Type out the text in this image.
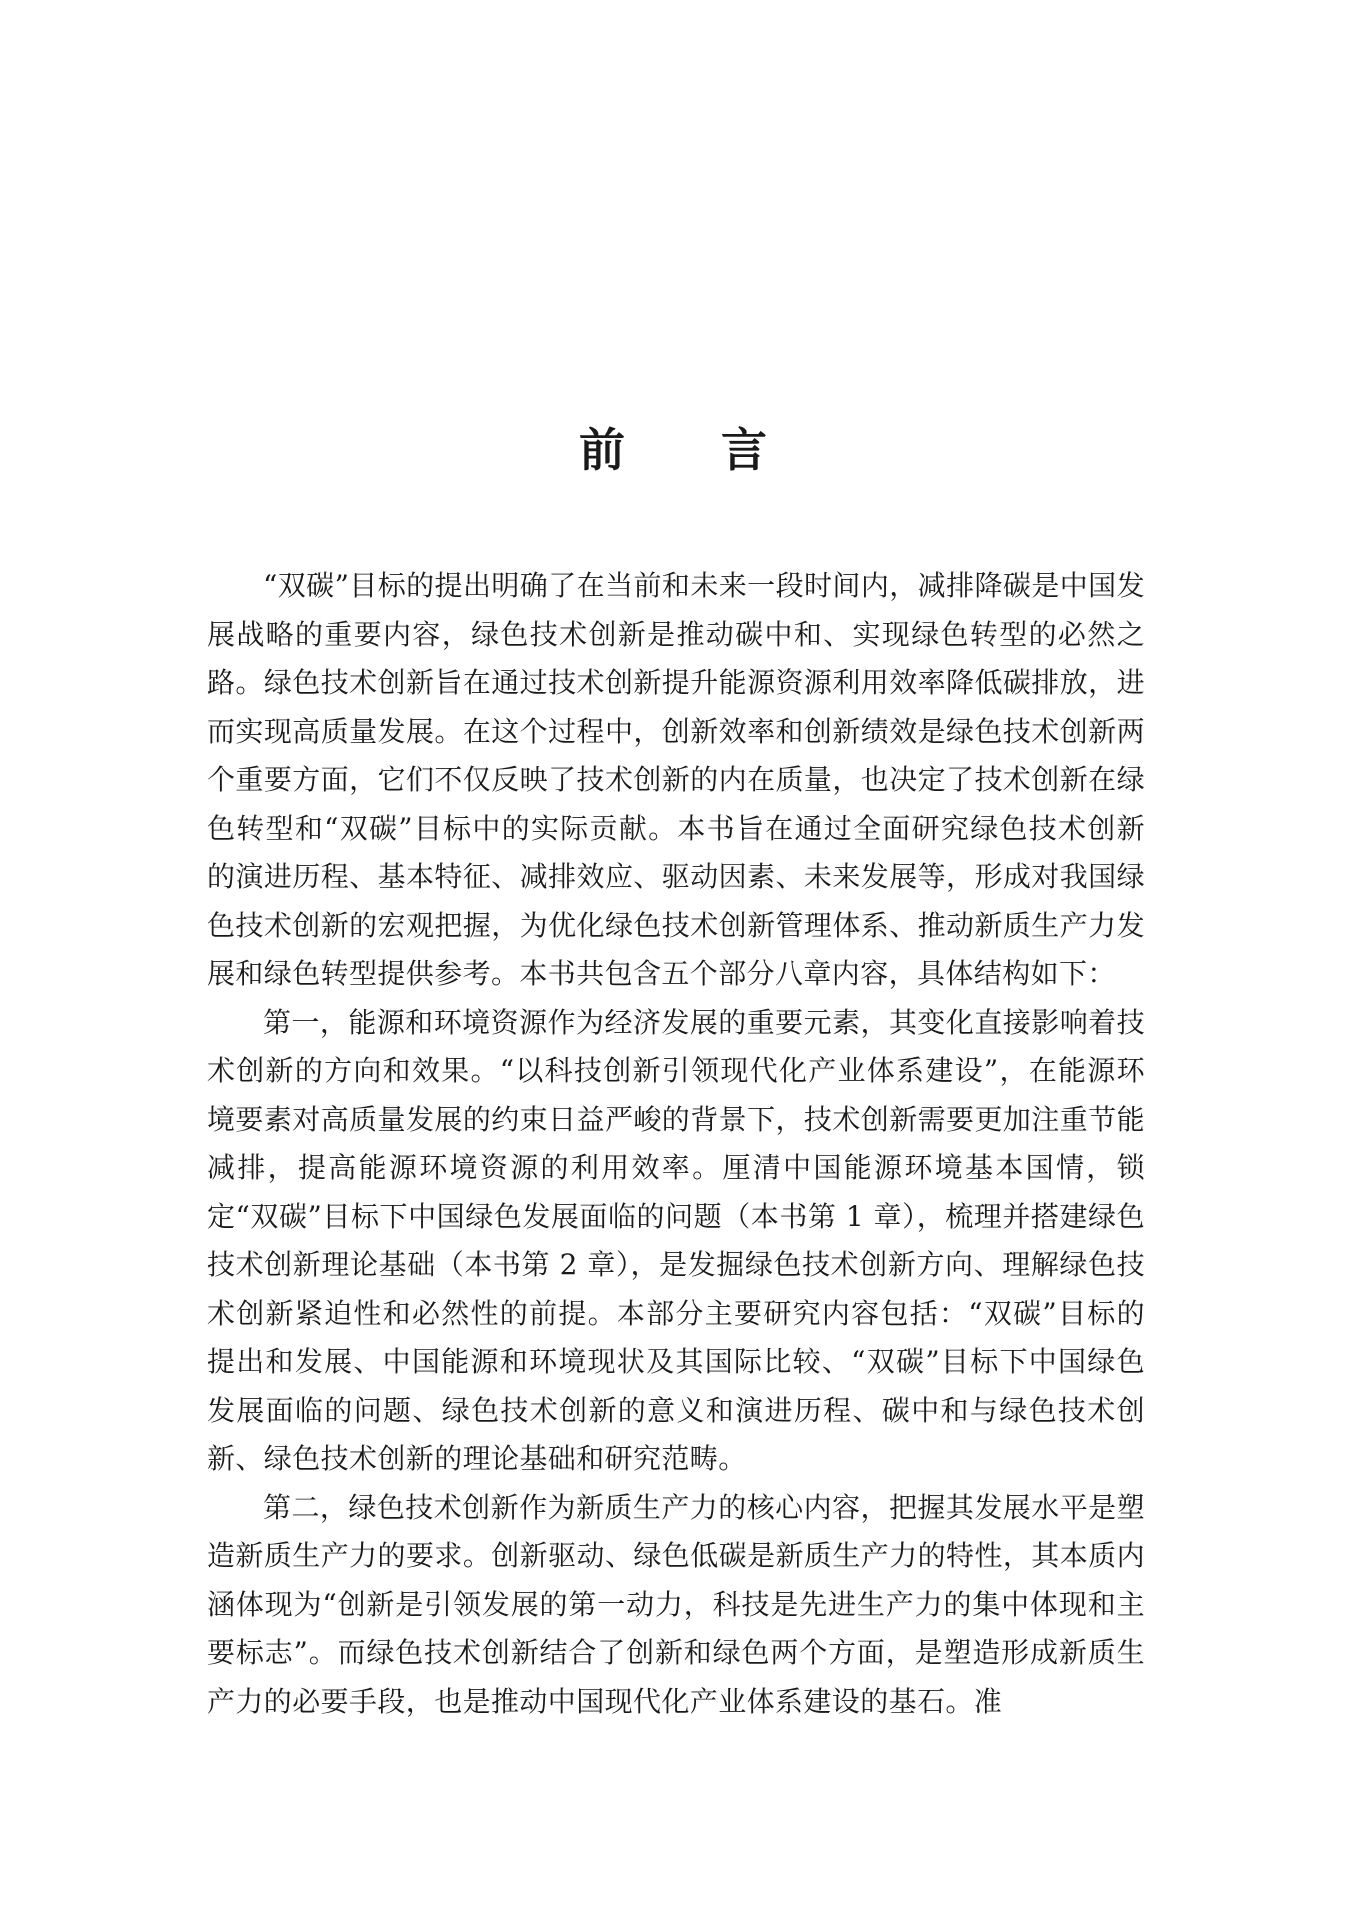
前 言

“双碳”目标的提出明确了在当前和未来一段时间内，减排降碳是中国发展战略的重要内容，绿色技术创新是推动碳中和、实现绿色转型的必然之路。绿色技术创新旨在通过技术创新提升能源资源利用效率降低碳排放，进而实现高质量发展。在这个过程中，创新效率和创新绩效是绿色技术创新两个重要方面，它们不仅反映了技术创新的内在质量，也决定了技术创新在绿色转型和“双碳”目标中的实际贡献。本书旨在通过全面研究绿色技术创新的演进历程、基本特征、减排效应、驱动因素、未来发展等，形成对我国绿色技术创新的宏观把握，为优化绿色技术创新管理体系、推动新质生产力发展和绿色转型提供参考。本书共包含五个部分八章内容，具体结构如下：

第一，能源和环境资源作为经济发展的重要元素，其变化直接影响着技术创新的方向和效果。“以科技创新引领现代化产业体系建设”，在能源环境要素对高质量发展的约束日益严峻的背景下，技术创新需要更加注重节能减排，提高能源环境资源的利用效率。厘清中国能源环境基本国情，锁定“双碳”目标下中国绿色发展面临的问题（本书第 1 章），梳理并搭建绿色技术创新理论基础（本书第 2 章），是发掘绿色技术创新方向、理解绿色技术创新紧迫性和必然性的前提。本部分主要研究内容包括：“双碳”目标的提出和发展、中国能源和环境现状及其国际比较、“双碳”目标下中国绿色发展面临的问题、绿色技术创新的意义和演进历程、碳中和与绿色技术创新、绿色技术创新的理论基础和研究范畴。

第二，绿色技术创新作为新质生产力的核心内容，把握其发展水平是塑造新质生产力的要求。创新驱动、绿色低碳是新质生产力的特性，其本质内涵体现为“创新是引领发展的第一动力，科技是先进生产力的集中体现和主要标志”。而绿色技术创新结合了创新和绿色两个方面，是塑造形成新质生产力的必要手段，也是推动中国现代化产业体系建设的基石。准
